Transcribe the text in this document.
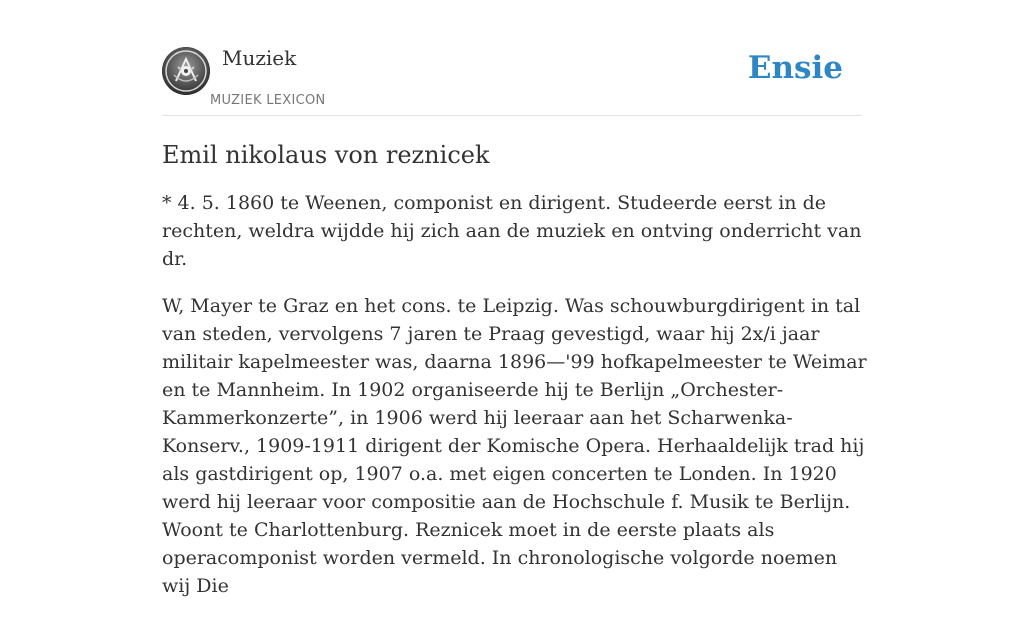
Muziek
MUZIEK LEXICON
Ensie
Emil nikolaus von reznicek

* 4. 5. 1860 te Weenen, componist en dirigent. Studeerde eerst in de rechten, weldra wijdde hij zich aan de muziek en ontving onderricht van dr.

W, Mayer te Graz en het cons. te Leipzig. Was schouwburgdirigent in tal van steden, vervolgens 7 jaren te Praag gevestigd, waar hij 2x/i jaar militair kapelmeester was, daarna 1896—'99 hofkapelmeester te Weimar en te Mannheim. In 1902 organiseerde hij te Berlijn „Orchester-Kammerkonzerte”, in 1906 werd hij leeraar aan het Scharwenka-Konserv., 1909-1911 dirigent der Komische Opera. Herhaaldelijk trad hij als gastdirigent op, 1907 o.a. met eigen concerten te Londen. In 1920 werd hij leeraar voor compositie aan de Hochschule f. Musik te Berlijn. Woont te Charlottenburg. Reznicek moet in de eerste plaats als operacomponist worden vermeld. In chronologische volgorde noemen wij Die
